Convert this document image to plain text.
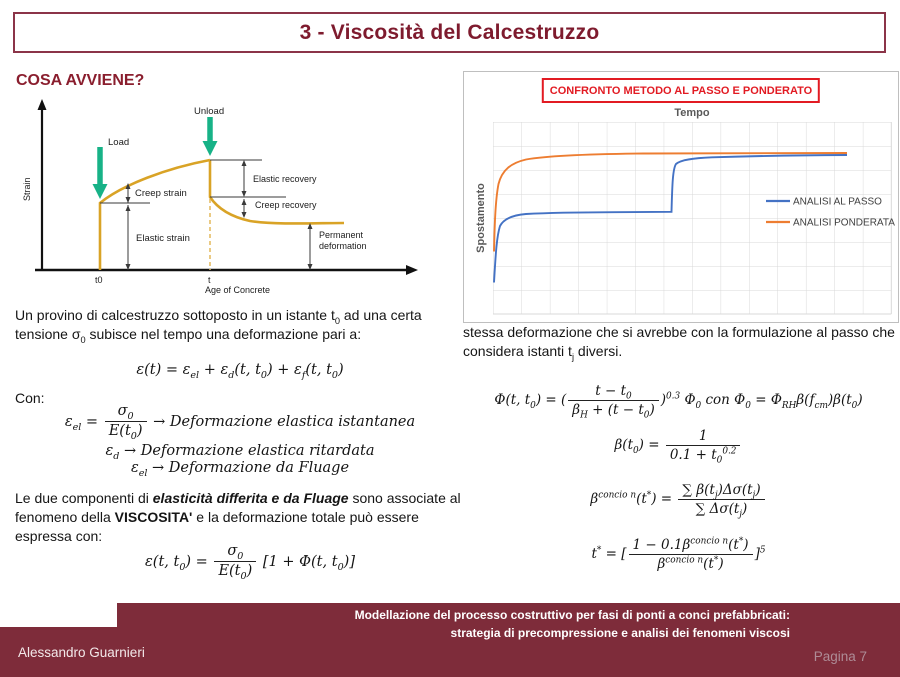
3 - Viscosità del Calcestruzzo
COSA AVVIENE?
Strain
Load
Unload
Creep strain
Elastic strain
Elastic recovery
Creep recovery
Permanent
deformation
t0	t
Age of Concrete
Un provino di calcestruzzo sottoposto in un istante $t_0$ ad una certa tensione $\sigma_0$ subisce nel tempo una deformazione pari a:
$\varepsilon(t) = \varepsilon_{el} + \varepsilon_d(t$, $t_0) + \varepsilon_f(t$, $t_0$)
Con:
$\varepsilon_{el} = \frac{\sigma_0}{E(t_0)}$ → Deformazione elastica istantanea
$\varepsilon_d$ → Deformazione elastica ritardata
$\varepsilon_{el}$ → Deformazione da Fluage
Le due componenti di elasticità differita e da Fluage sono associate al fenomeno della VISCOSITA' e la deformazione totale può essere espressa con:
ε(t, $t_0) = \frac{\sigma_0}{E(t_0)} [1 + \Phi(t$, $t_0$)]
CONFRONTO METODO AL PASSO E PONDERATO
Tempo
ANALISI AL PASSO
ANALISI PONDERATA
Spostamento
stessa deformazione che si avrebbe con la formulazione al passo che considera istanti $t_j$ diversi.
Φ(t, $t_0$) = ( $\frac{t - t_0}{\beta_H + (t - t_0)} )^{0.3}$ $\Phi_0$ con $\Phi_0 = \Phi_{RH}\beta(f_{cm})\beta(t_0)$
$\beta(t_0) = \frac{1}{0.1 + t_0^{0.2}}$
$\beta^{concio n}(t^*) = \frac{\sum \beta(t_j)\Delta\sigma(t_j)}{\sum \Delta\sigma(t_j)}$
t* = [
$1 - 0.1\beta^{concio n}(t^*)$
$\beta^{concio n}(t^*)$
]$^5$
Alessandro Guarnieri
Modellazione del processo costruttivo per fasi di ponti a conci prefabbricati: strategia di precompressione e analisi dei fenomeni viscosi
Pagina 7
